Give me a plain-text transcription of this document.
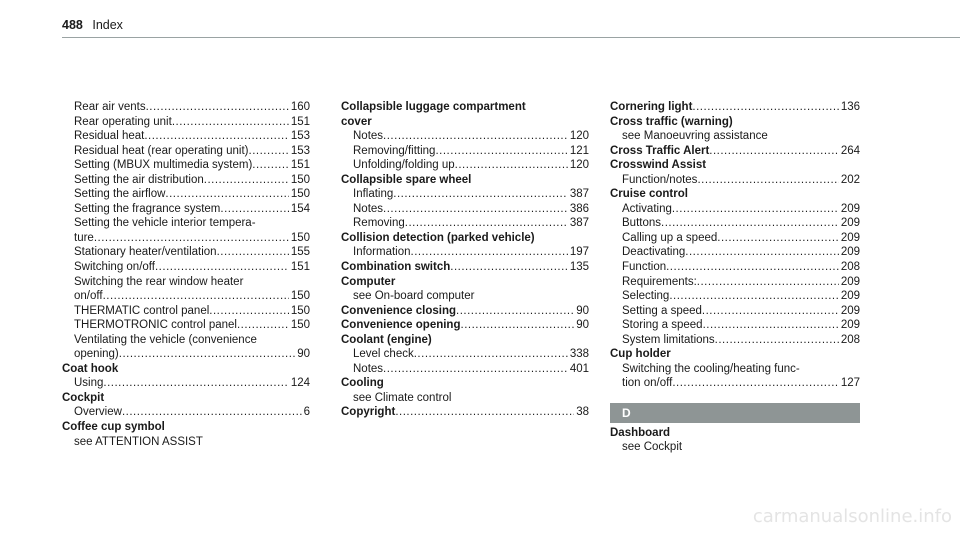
488 Index
Rear air vents .....	160
Rear operating unit .....	151
Residual heat .....	153
Residual heat (rear operating unit) .....	153
Setting (MBUX multimedia system) .....	151
Setting the air distribution .....	150
Setting the airflow .....	150
Setting the fragrance system .....	154
Setting the vehicle interior tempera-
ture .....	150
Stationary heater/ventilation .....	155
Switching on/off .....	151
Switching the rear window heater
on/off .....	150
THERMATIC control panel .....	150
THERMOTRONIC control panel .....	150
Ventilating the vehicle (convenience
opening) .....	90
Coat hook
Using .....	124
Cockpit
Overview .....	6
Coffee cup symbol
see ATTENTION ASSIST
Collapsible luggage compartment
cover
Notes .....	120
Removing/fitting .....	121
Unfolding/folding up .....	120
Collapsible spare wheel
Inflating .....	387
Notes .....	386
Removing .....	387
Collision detection (parked vehicle)
Information .....	197
Combination switch .....	135
Computer
see On-board computer
Convenience closing .....	90
Convenience opening .....	90
Coolant (engine)
Level check .....	338
Notes .....	401
Cooling
see Climate control
Copyright .....	38
Cornering light .....	136
Cross traffic (warning)
see Manoeuvring assistance
Cross Traffic Alert .....	264
Crosswind Assist
Function/notes .....	202
Cruise control
Activating .....	209
Buttons .....	209
Calling up a speed .....	209
Deactivating .....	209
Function .....	208
Requirements: .....	209
Selecting .....	209
Setting a speed .....	209
Storing a speed .....	209
System limitations .....	208
Cup holder
Switching the cooling/heating func-
tion on/off .....	127
D
Dashboard
see Cockpit
carmanualsonline.info
